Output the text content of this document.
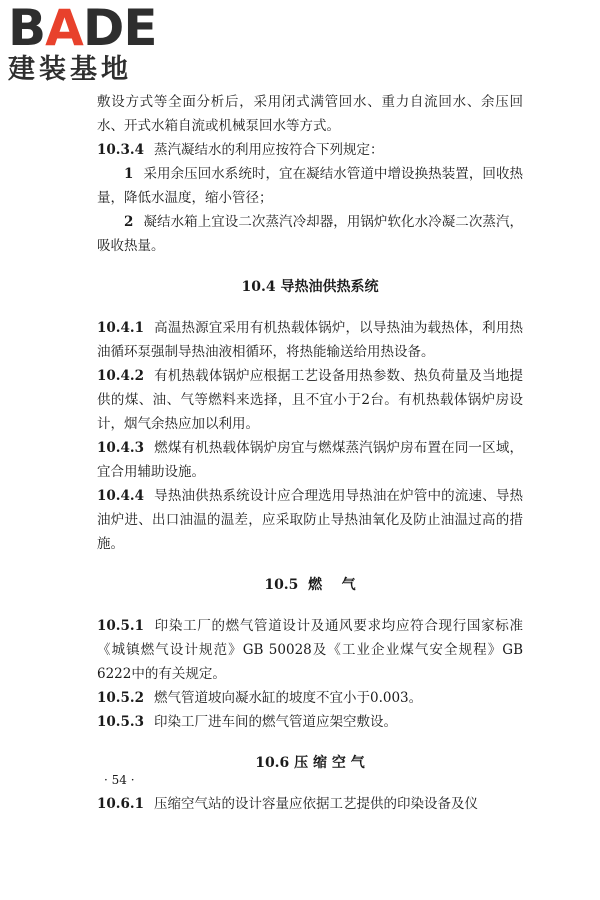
BADE
建装基地

敷设方式等全面分析后，采用闭式满管回水、重力自流回水、余压回水、开式水箱自流或机械泵回水等方式。

10.3.4 蒸汽凝结水的利用应按符合下列规定：

1 采用余压回水系统时，宜在凝结水管道中增设换热装置，回收热量，降低水温度，缩小管径；

2 凝结水箱上宜设二次蒸汽冷却器，用锅炉软化水冷凝二次蒸汽，吸收热量。

10.4 导热油供热系统

10.4.1 高温热源宜采用有机热载体锅炉，以导热油为载热体，利用热油循环泵强制导热油液相循环，将热能输送给用热设备。

10.4.2 有机热载体锅炉应根据工艺设备用热参数、热负荷量及当地提供的煤、油、气等燃料来选择，且不宜小于2台。有机热载体锅炉房设计，烟气余热应加以利用。

10.4.3 燃煤有机热载体锅炉房宜与燃煤蒸汽锅炉房布置在同一区域，宜合用辅助设施。

10.4.4 导热油供热系统设计应合理选用导热油在炉管中的流速、导热油炉进、出口油温的温差，应采取防止导热油氧化及防止油温过高的措施。

10.5  燃    气

10.5.1 印染工厂的燃气管道设计及通风要求均应符合现行国家标准《城镇燃气设计规范》GB 50028及《工业企业煤气安全规程》GB 6222中的有关规定。

10.5.2 燃气管道坡向凝水缸的坡度不宜小于0.003。

10.5.3 印染工厂进车间的燃气管道应架空敷设。

10.6 压 缩 空 气

10.6.1 压缩空气站的设计容量应依据工艺提供的印染设备及仪

· 54 ·
